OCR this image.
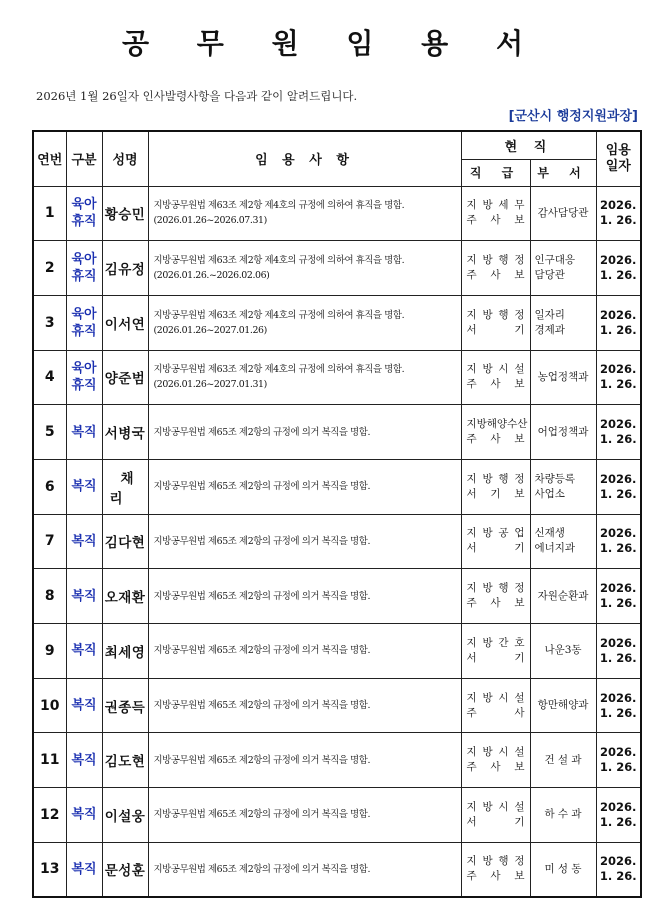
공 무 원 임 용 서
2026년 1월 26일자 인사발령사항을 다음과 같이 알려드립니다.
[군산시 행정지원과장]
연번	구분	성명	임 용 사 항	현 직		임용
일자

				직 급	부 서	

1	육아
휴직	황승민	지방공무원법 제63조 제2항 제4호의 규정에 의하여 휴직을 명함.
(2026.01.26~2026.07.31)	지 방 세 무
주 사 보	감사담당관	2026.
1. 26.

2	육아
휴직	김유정	지방공무원법 제63조 제2항 제4호의 규정에 의하여 휴직을 명함.
(2026.01.26.~2026.02.06)	지 방 행 정
주 사 보	인구대응
담당관	2026.
1. 26.

3	육아
휴직	이서연	지방공무원법 제63조 제2항 제4호의 규정에 의하여 휴직을 명함.
(2026.01.26~2027.01.26)	지 방 행 정
서 기	일자리
경제과	2026.
1. 26.

4	육아
휴직	양준범	지방공무원법 제63조 제2항 제4호의 규정에 의하여 휴직을 명함.
(2026.01.26~2027.01.31)	지 방 시 설
주 사 보	농업정책과	2026.
1. 26.

5	복직	서병국	지방공무원법 제65조 제2항의 규정에 의거 복직을 명함.	지방해양수산
주 사 보	어업정책과	2026.
1. 26.

6	복직	채 리	지방공무원법 제65조 제2항의 규정에 의거 복직을 명함.	지 방 행 정
서 기 보	차량등록
사업소	2026.
1. 26.

7	복직	김다현	지방공무원법 제65조 제2항의 규정에 의거 복직을 명함.	지 방 공 업
서 기	신재생
에너지과	2026.
1. 26.

8	복직	오재환	지방공무원법 제65조 제2항의 규정에 의거 복직을 명함.	지 방 행 정
주 사 보	자원순환과	2026.
1. 26.

9	복직	최세영	지방공무원법 제65조 제2항의 규정에 의거 복직을 명함.	지 방 간 호
서 기	나운3동	2026.
1. 26.

10	복직	권종득	지방공무원법 제65조 제2항의 규정에 의거 복직을 명함.	지 방 시 설
주 사	항만해양과	2026.
1. 26.

11	복직	김도현	지방공무원법 제65조 제2항의 규정에 의거 복직을 명함.	지 방 시 설
주 사 보	건 설 과	2026.
1. 26.

12	복직	이설웅	지방공무원법 제65조 제2항의 규정에 의거 복직을 명함.	지 방 시 설
서 기	하 수 과	2026.
1. 26.

13	복직	문성훈	지방공무원법 제65조 제2항의 규정에 의거 복직을 명함.	지 방 행 정
주 사 보	미 성 동	2026.
1. 26.
